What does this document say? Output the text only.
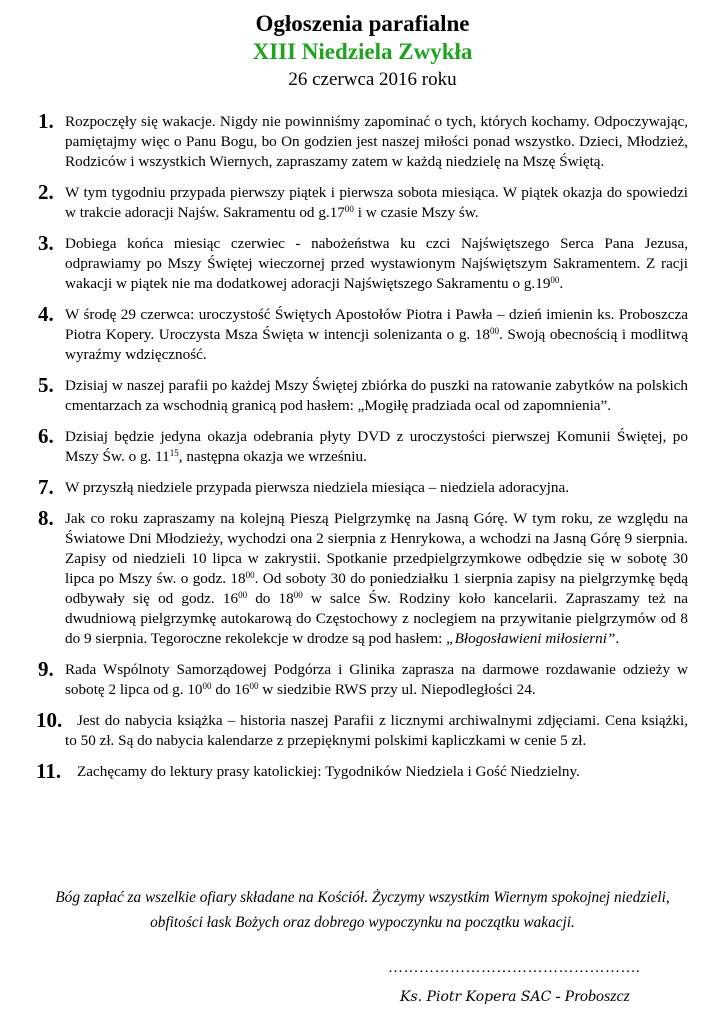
Ogłoszenia parafialne
XIII Niedziela Zwykła
26 czerwca 2016 roku
1. Rozpoczęły się wakacje. Nigdy nie powinniśmy zapominać o tych, których kochamy. Odpoczywając, pamiętajmy więc o Panu Bogu, bo On godzien jest naszej miłości ponad wszystko. Dzieci, Młodzież, Rodziców i wszystkich Wiernych, zapraszamy zatem w każdą niedzielę na Mszę Świętą.
2. W tym tygodniu przypada pierwszy piątek i pierwsza sobota miesiąca. W piątek okazja do spowiedzi w trakcie adoracji Najśw. Sakramentu od $g.17^{00}$ i w czasie Mszy św.
3. Dobiega końca miesiąc czerwiec - nabożeństwa ku czci Najświętszego Serca Pana Jezusa, odprawiamy po Mszy Świętej wieczornej przed wystawionym Najświętszym Sakramentem. Z racji wakacji w piątek nie ma dodatkowej adoracji Najświętszego Sakramentu o $g.19^{00}$.
4. W środę 29 czerwca: uroczystość Świętych Apostołów Piotra i Pawła – dzień imienin ks. Proboszcza Piotra Kopery. Uroczysta Msza Święta w intencji solenizanta o g. $18^{00}$. Swoją obecnością i modlitwą wyraźmy wdzięczność.
5. Dzisiaj w naszej parafii po każdej Mszy Świętej zbiórka do puszki na ratowanie zabytków na polskich cmentarzach za wschodnią granicą pod hasłem: „Mogiłę pradziada ocal od zapomnienia”.
6. Dzisiaj będzie jedyna okazja odebrania płyty DVD z uroczystości pierwszej Komunii Świętej, po Mszy Św. o g. $11^{15}$, następna okazja we wrześniu.
7. W przyszłą niedziele przypada pierwsza niedziela miesiąca – niedziela adoracyjna.
8. Jak co roku zapraszamy na kolejną Pieszą Pielgrzymkę na Jasną Górę. W tym roku, ze względu na Światowe Dni Młodzieży, wychodzi ona 2 sierpnia z Henrykowa, a wchodzi na Jasną Górę 9 sierpnia. Zapisy od niedzieli 10 lipca w zakrystii. Spotkanie przedpielgrzymkowe odbędzie się w sobotę 30 lipca po Mszy św. o godz. $18^{00}$. Od soboty 30 do poniedziałku 1 sierpnia zapisy na pielgrzymkę będą odbywały się od godz. $16^{00}$ do $18^{00}$ w salce Św. Rodziny koło kancelarii. Zapraszamy też na dwudniową pielgrzymkę autokarową do Częstochowy z noclegiem na przywitanie pielgrzymów od 8 do 9 sierpnia. Tegoroczne rekolekcje w drodze są pod hasłem: „Błogosławieni miłosierni”.
9. Rada Wspólnoty Samorządowej Podgórza i Glinika zaprasza na darmowe rozdawanie odzieży w sobotę 2 lipca od g. $10^{00}$ do $16^{00}$ w siedzibie RWS przy ul. Niepodległości 24.
10. Jest do nabycia książka – historia naszej Parafii z licznymi archiwalnymi zdjęciami. Cena książki, to 50 zł. Są do nabycia kalendarze z przepięknymi polskimi kapliczkami w cenie 5 zł.
11. Zachęcamy do lektury prasy katolickiej: Tygodników Niedziela i Gość Niedzielny.
Bóg zapłać za wszelkie ofiary składane na Kościół. Życzymy wszystkim Wiernym spokojnej niedzieli, obfitości łask Bożych oraz dobrego wypoczynku na początku wakacji.
………………………………………….
Ks. Piotr Kopera SAC - Proboszcz
